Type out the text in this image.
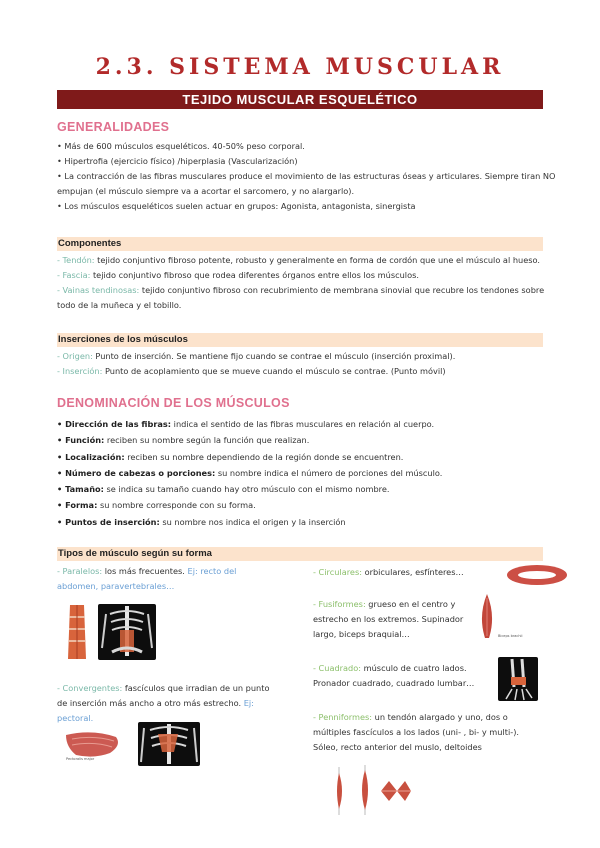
2.3. SISTEMA MUSCULAR
TEJIDO MUSCULAR ESQUELÉTICO
GENERALIDADES
• Más de 600 músculos esqueléticos. 40-50% peso corporal.
• Hipertrofia (ejercicio físico) /hiperplasia (Vascularización)
• La contracción de las fibras musculares produce el movimiento de las estructuras óseas y articulares. Siempre tiran NO
empujan (el músculo siempre va a acortar el sarcomero, y no alargarlo).
• Los músculos esqueléticos suelen actuar en grupos: Agonista, antagonista, sinergista
Componentes
- Tendón: tejido conjuntivo fibroso potente, robusto y generalmente en forma de cordón que une el músculo al hueso.
- Fascia: tejido conjuntivo fibroso que rodea diferentes órganos entre ellos los músculos.
- Vainas tendinosas: tejido conjuntivo fibroso con recubrimiento de membrana sinovial que recubre los tendones sobre todo de la muñeca y el tobillo.
Inserciones de los músculos
- Origen: Punto de inserción. Se mantiene fijo cuando se contrae el músculo (inserción proximal).
- Inserción: Punto de acoplamiento que se mueve cuando el músculo se contrae. (Punto móvil)
DENOMINACIÓN DE LOS MÚSCULOS
• Dirección de las fibras: indica el sentido de las fibras musculares en relación al cuerpo.
• Función: reciben su nombre según la función que realizan.
• Localización: reciben su nombre dependiendo de la región donde se encuentren.
• Número de cabezas o porciones: su nombre indica el número de porciones del músculo.
• Tamaño: se indica su tamaño cuando hay otro músculo con el mismo nombre.
• Forma: su nombre corresponde con su forma.
• Puntos de inserción: su nombre nos indica el origen y la inserción
Tipos de músculo según su forma
- Paralelos: los más frecuentes. Ej: recto del abdomen, paravertebrales…
- Convergentes: fascículos que irradian de un punto de inserción más ancho a otro más estrecho. Ej: pectoral.
Pectoralis major
- Circulares: orbiculares, esfínteres…
- Fusiformes: grueso en el centro y estrecho en los extremos. Supinador largo, biceps braquial…	Biceps brachii
- Cuadrado: músculo de cuatro lados. Pronador cuadrado, cuadrado lumbar…
- Penniformes: un tendón alargado y uno, dos o múltiples fascículos a los lados (uni- , bi- y multi-). Sóleo, recto anterior del muslo, deltoides
